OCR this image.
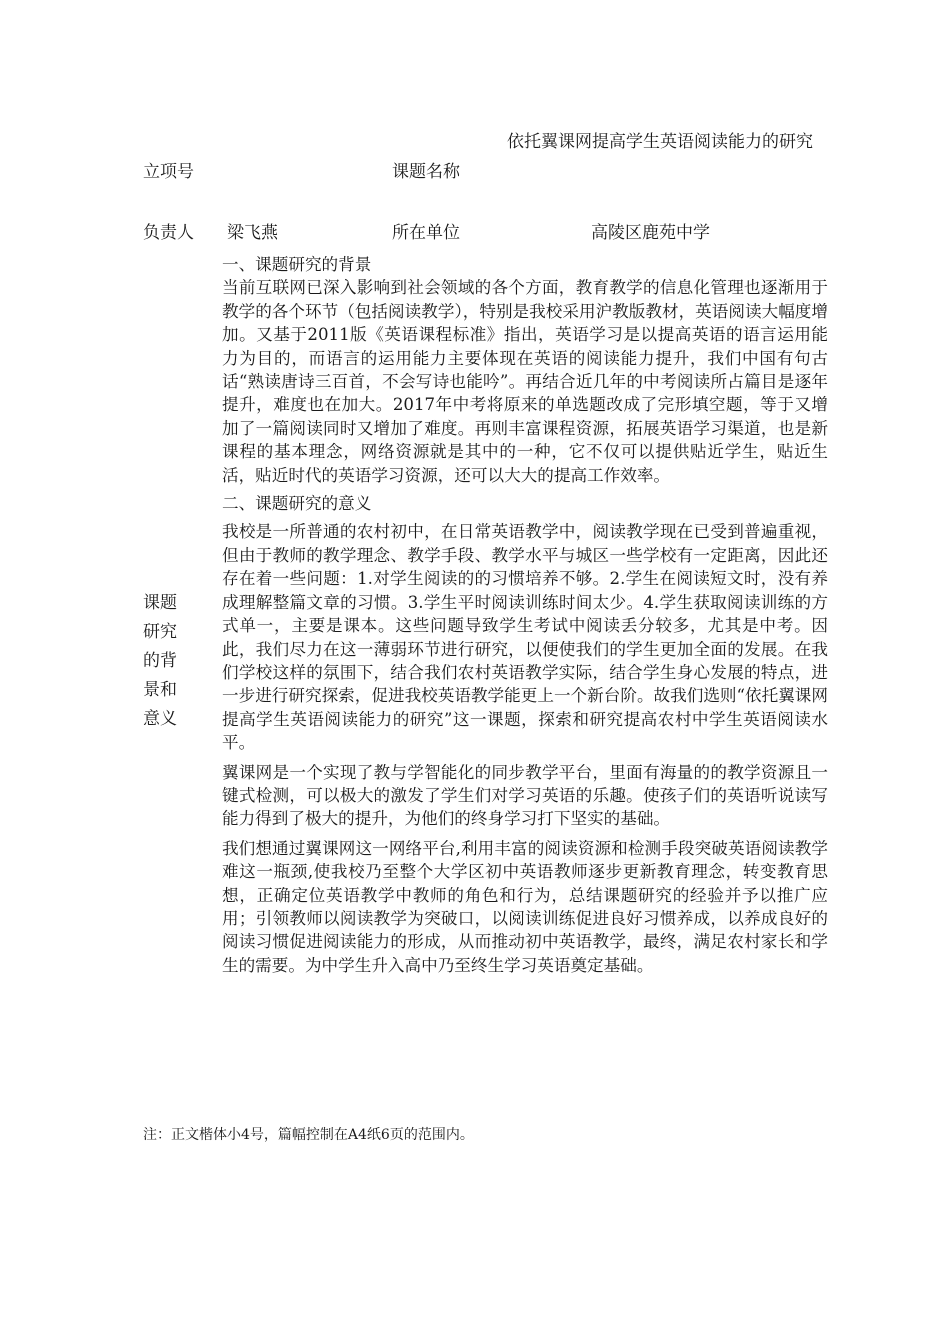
立项号	课题名称
依托翼课网提高学生英语阅读能力的研究
负责人 梁飞燕	所在单位	高陵区鹿苑中学
课题研究的背景和意义

一、课题研究的背景

当前互联网已深入影响到社会领域的各个方面，教育教学的信息化管理也逐渐用于教学的各个环节（包括阅读教学），特别是我校采用沪教版教材，英语阅读大幅度增加。又基于2011版《英语课程标准》指出，英语学习是以提高英语的语言运用能力为目的，而语言的运用能力主要体现在英语的阅读能力提升，我们中国有句古话“熟读唐诗三百首，不会写诗也能吟”。再结合近几年的中考阅读所占篇目是逐年提升，难度也在加大。2017年中考将原来的单选题改成了完形填空题，等于又增加了一篇阅读同时又增加了难度。再则丰富课程资源，拓展英语学习渠道，也是新课程的基本理念，网络资源就是其中的一种，它不仅可以提供贴近学生，贴近生活，贴近时代的英语学习资源，还可以大大的提高工作效率。

二、课题研究的意义

我校是一所普通的农村初中，在日常英语教学中，阅读教学现在已受到普遍重视，但由于教师的教学理念、教学手段、教学水平与城区一些学校有一定距离，因此还存在着一些问题：1.对学生阅读的的习惯培养不够。2.学生在阅读短文时，没有养成理解整篇文章的习惯。3.学生平时阅读训练时间太少。4.学生获取阅读训练的方式单一，主要是课本。这些问题导致学生考试中阅读丢分较多，尤其是中考。因此，我们尽力在这一薄弱环节进行研究，以便使我们的学生更加全面的发展。在我们学校这样的氛围下，结合我们农村英语教学实际，结合学生身心发展的特点，进一步进行研究探索，促进我校英语教学能更上一个新台阶。故我们选则“依托翼课网提高学生英语阅读能力的研究”这一课题，探索和研究提高农村中学生英语阅读水平。

翼课网是一个实现了教与学智能化的同步教学平台，里面有海量的的教学资源且一键式检测，可以极大的激发了学生们对学习英语的乐趣。使孩子们的英语听说读写能力得到了极大的提升，为他们的终身学习打下坚实的基础。

我们想通过翼课网这一网络平台,利用丰富的阅读资源和检测手段突破英语阅读教学难这一瓶颈,使我校乃至整个大学区初中英语教师逐步更新教育理念，转变教育思想，正确定位英语教学中教师的角色和行为，总结课题研究的经验并予以推广应用；引领教师以阅读教学为突破口，以阅读训练促进良好习惯养成，以养成良好的阅读习惯促进阅读能力的形成，从而推动初中英语教学，最终，满足农村家长和学生的需要。为中学生升入高中乃至终生学习英语奠定基础。

注：正文楷体小4号，篇幅控制在A4纸6页的范围内。
